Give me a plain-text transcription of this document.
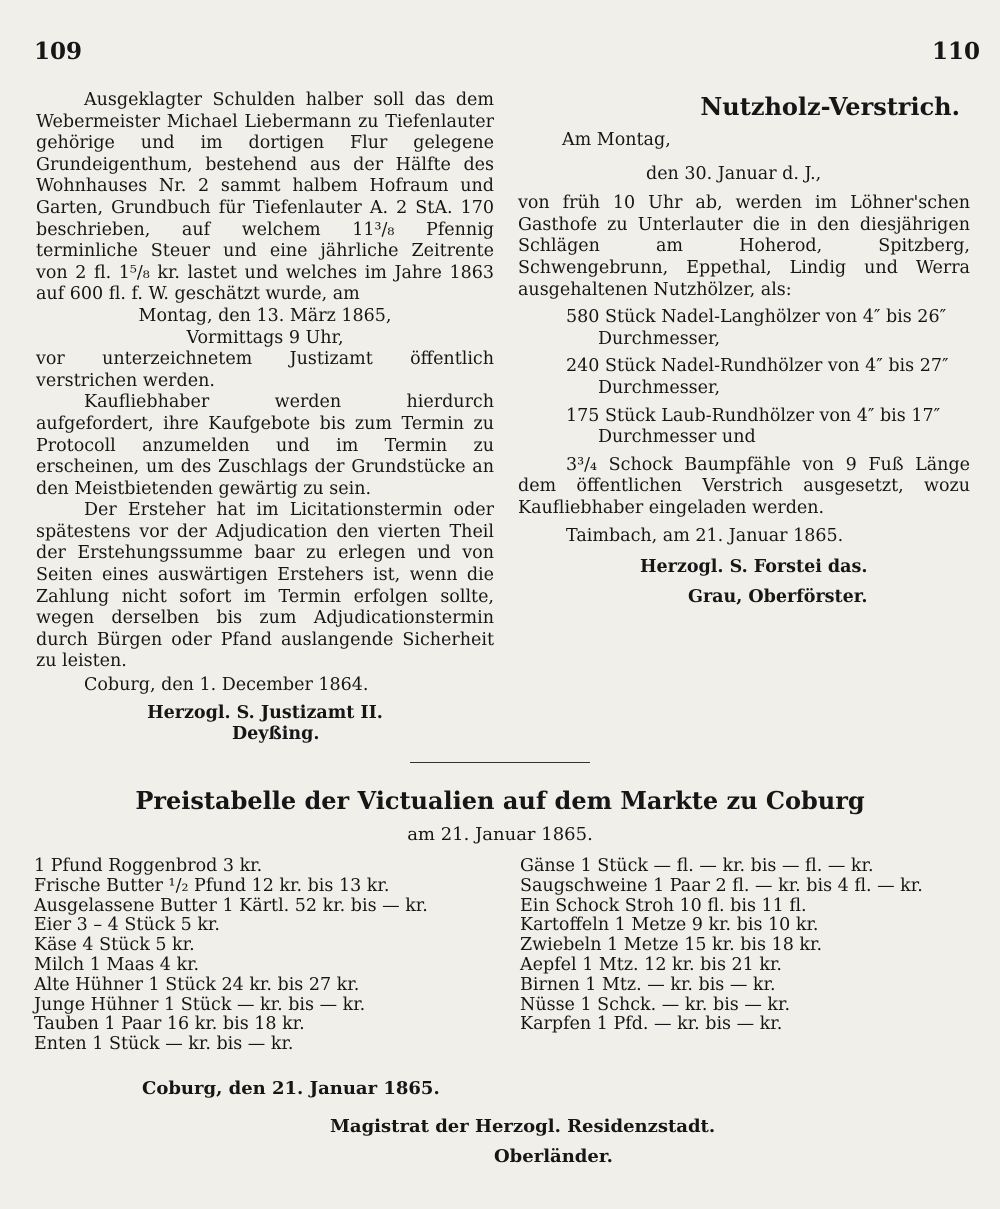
109	110

Ausgeklagter Schulden halber soll das dem Webermeister Michael Liebermann zu Tiefenlauter gehörige und im dortigen Flur gelegene Grundeigenthum, bestehend aus der Hälfte des Wohnhauses Nr. 2 sammt halbem Hofraum und Garten, Grundbuch für Tiefenlauter A. 2 StA. 170 beschrieben, auf welchem 11³/₈ Pfennig terminliche Steuer und eine jährliche Zeitrente von 2 fl. 1⁵/₈ kr. lastet und welches im Jahre 1863 auf 600 fl. f. W. geschätzt wurde, am

Montag, den 13. März 1865,

Vormittags 9 Uhr,

vor unterzeichnetem Justizamt öffentlich verstrichen werden.

Kaufliebhaber werden hierdurch aufgefordert, ihre Kaufgebote bis zum Termin zu Protocoll anzumelden und im Termin zu erscheinen, um des Zuschlags der Grundstücke an den Meistbietenden gewärtig zu sein.

Der Ersteher hat im Licitationstermin oder spätestens vor der Adjudication den vierten Theil der Erstehungssumme baar zu erlegen und von Seiten eines auswärtigen Erstehers ist, wenn die Zahlung nicht sofort im Termin erfolgen sollte, wegen derselben bis zum Adjudicationstermin durch Bürgen oder Pfand auslangende Sicherheit zu leisten.

Coburg, den 1. December 1864.

Herzogl. S. Justizamt II.

Deyßing.

Nutzholz-Verstrich.

Am Montag,

den 30. Januar d. J.,

von früh 10 Uhr ab, werden im Löhner'schen Gasthofe zu Unterlauter die in den diesjährigen Schlägen am Hoherod, Spitzberg, Schwengebrunn, Eppethal, Lindig und Werra ausgehaltenen Nutzhölzer, als:

580 Stück Nadel-Langhölzer von 4″ bis 26″

Durchmesser,

240 Stück Nadel-Rundhölzer von 4″ bis 27″

Durchmesser,

175 Stück Laub-Rundhölzer von 4″ bis 17″

Durchmesser und

3³/₄ Schock Baumpfähle von 9 Fuß Länge dem öffentlichen Verstrich ausgesetzt, wozu Kaufliebhaber eingeladen werden.

Taimbach, am 21. Januar 1865.

Herzogl. S. Forstei das.

Grau, Oberförster.

Preistabelle der Victualien auf dem Markte zu Coburg
am 21. Januar 1865.
1 Pfund Roggenbrod 3 kr.
Frische Butter ¹/₂ Pfund 12 kr. bis 13 kr.
Ausgelassene Butter 1 Kärtl. 52 kr. bis — kr.
Eier 3 – 4 Stück 5 kr.
Käse 4 Stück 5 kr.
Milch 1 Maas 4 kr.
Alte Hühner 1 Stück 24 kr. bis 27 kr.
Junge Hühner 1 Stück — kr. bis — kr.
Tauben 1 Paar 16 kr. bis 18 kr.
Enten 1 Stück — kr. bis — kr.
Gänse 1 Stück — fl. — kr. bis — fl. — kr.
Saugschweine 1 Paar 2 fl. — kr. bis 4 fl. — kr.
Ein Schock Stroh 10 fl. bis 11 fl.
Kartoffeln 1 Metze 9 kr. bis 10 kr.
Zwiebeln 1 Metze 15 kr. bis 18 kr.
Aepfel 1 Mtz. 12 kr. bis 21 kr.
Birnen 1 Mtz. — kr. bis — kr.
Nüsse 1 Schck. — kr. bis — kr.
Karpfen 1 Pfd. — kr. bis — kr.
Coburg, den 21. Januar 1865.
Magistrat der Herzogl. Residenzstadt.
Oberländer.
